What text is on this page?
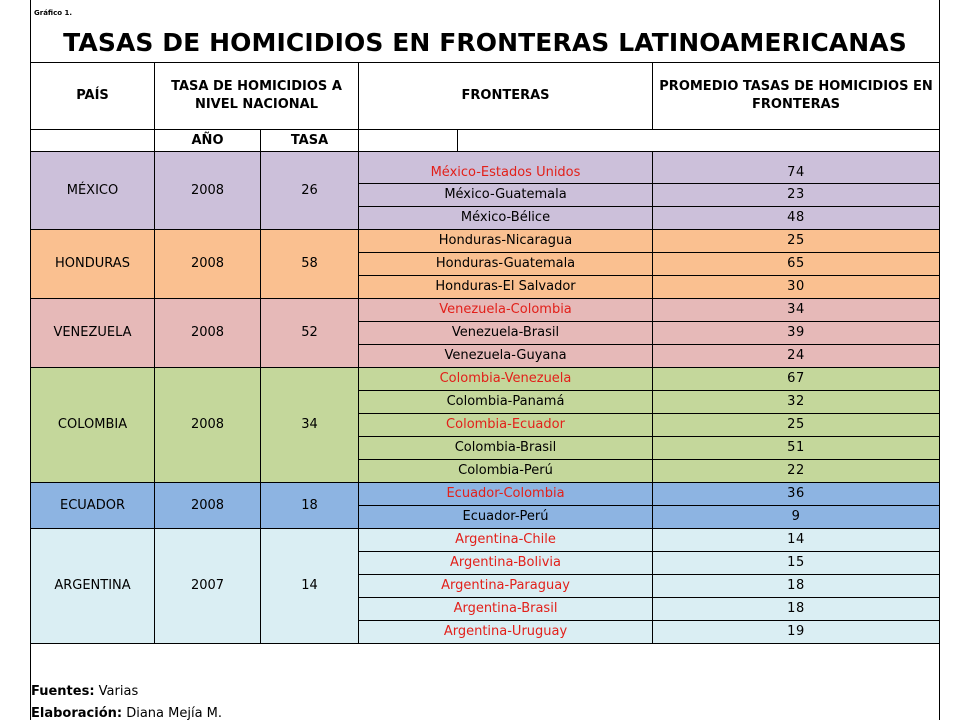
Gráfico 1.
TASAS DE HOMICIDIOS EN FRONTERAS LATINOAMERICANAS
PAÍS	TASA DE HOMICIDIOS A NIVEL NACIONAL		FRONTERAS		PROMEDIO TASAS DE HOMICIDIOS EN FRONTERAS
	AÑO	TASA			
MÉXICO	2008	26	México-Estados Unidos		74
			México-Guatemala		23
			México-Bélice		48
HONDURAS	2008	58	Honduras-Nicaragua		25
			Honduras-Guatemala		65
			Honduras-El Salvador		30
VENEZUELA	2008	52	Venezuela-Colombia		34
			Venezuela-Brasil		39
			Venezuela-Guyana		24
COLOMBIA	2008	34	Colombia-Venezuela		67
			Colombia-Panamá		32
			Colombia-Ecuador		25
			Colombia-Brasil		51
			Colombia-Perú		22
ECUADOR	2008	18	Ecuador-Colombia		36
			Ecuador-Perú		9
ARGENTINA	2007	14	Argentina-Chile		14
			Argentina-Bolivia		15
			Argentina-Paraguay		18
			Argentina-Brasil		18
			Argentina-Uruguay		19
Fuentes: Varias
Elaboración: Diana Mejía M.
